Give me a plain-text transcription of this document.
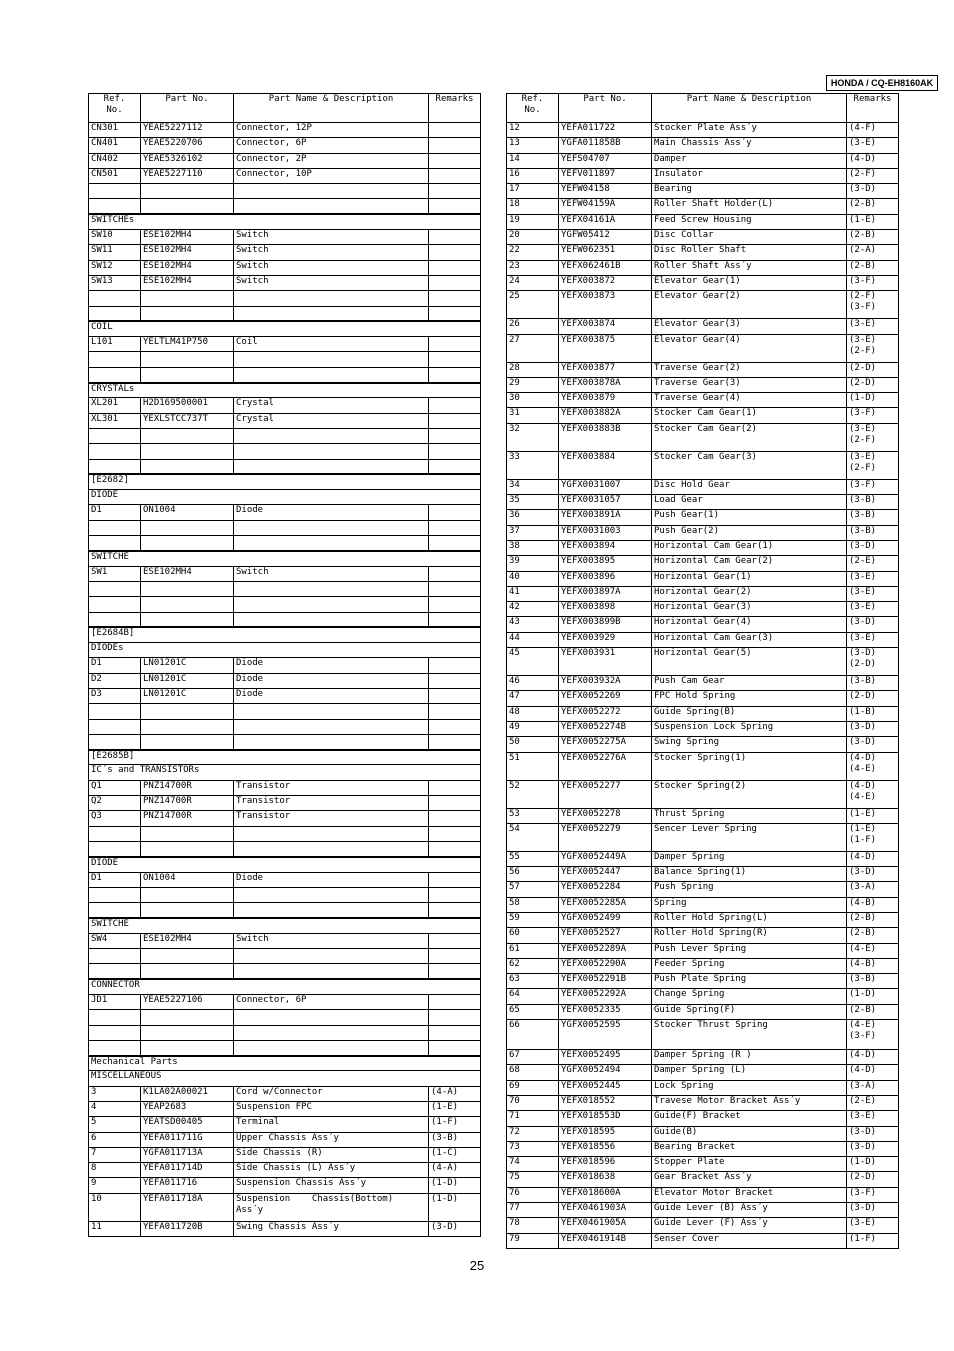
HONDA / CQ-EH8160AK
Ref.
No.	Part No.	Part Name & Description	Remarks
CN301	YEAE5227112	Connector, 12P	
CN401	YEAE5220706	Connector, 6P	
CN402	YEAE5326102	Connector, 2P	
CN501	YEAE5227110	Connector, 10P	

SWITCHEs			
SW10	ESE102MH4	Switch	
SW11	ESE102MH4	Switch	
SW12	ESE102MH4	Switch	
SW13	ESE102MH4	Switch	

COIL			
L101	YELTLM41P750	Coil	

CRYSTALs			
XL201	H2D169500001	Crystal	
XL301	YEXLSTCC737T	Crystal	

[E2682]			
DIODE			
D1	ON1004	Diode	

SWITCHE			
SW1	ESE102MH4	Switch	

[E2684B]			
DIODEs			
D1	LN01201C	Diode	
D2	LN01201C	Diode	
D3	LN01201C	Diode	

[E2685B]			
IC´s and TRANSISTORs			
Q1	PNZ14700R	Transistor	
Q2	PNZ14700R	Transistor	
Q3	PNZ14700R	Transistor	

DIODE			
D1	ON1004	Diode	

SWITCHE			
SW4	ESE102MH4	Switch	

CONNECTOR			
JD1	YEAE5227106	Connector, 6P	

Mechanical Parts			
MISCELLANEOUS			
3	K1LA02A00021	Cord w/Connector	(4-A)
4	YEAP2683	Suspension FPC	(1-E)
5	YEATSD00405	Terminal	(1-F)
6	YEFA011711G	Upper Chassis Ass´y	(3-B)
7	YGFA011713A	Side Chassis (R)	(1-C)
8	YEFA011714D	Side Chassis (L) Ass´y	(4-A)
9	YEFA011716	Suspension Chassis Ass´y	(1-D)
10	YEFA011718A	Suspension    Chassis(Bottom)
Ass´y	(1-D)
11	YEFA011720B	Swing Chassis Ass´y	(3-D)
Ref.
No.	Part No.	Part Name & Description	Remarks
12	YEFA011722	Stocker Plate Ass´y	(4-F)
13	YGFA011858B	Main Chassis Ass´y	(3-E)
14	YEFS04707	Damper	(4-D)
16	YEFV011897	Insulator	(2-F)
17	YEFW04158	Bearing	(3-D)
18	YEFW04159A	Roller Shaft Holder(L)	(2-B)
19	YEFX04161A	Feed Screw Housing	(1-E)
20	YGFW05412	Disc Collar	(2-B)
22	YEFW062351	Disc Roller Shaft	(2-A)
23	YEFX062461B	Roller Shaft Ass´y	(2-B)
24	YEFX003872	Elevator Gear(1)	(3-F)
25	YEFX003873	Elevator Gear(2)	(2-F)
(3-F)
26	YEFX003874	Elevator Gear(3)	(3-E)
27	YEFX003875	Elevator Gear(4)	(3-E)
(2-F)
28	YEFX003877	Traverse Gear(2)	(2-D)
29	YEFX003878A	Traverse Gear(3)	(2-D)
30	YEFX003879	Traverse Gear(4)	(1-D)
31	YEFX003882A	Stocker Cam Gear(1)	(3-F)
32	YEFX003883B	Stocker Cam Gear(2)	(3-E)
(2-F)
33	YEFX003884	Stocker Cam Gear(3)	(3-E)
(2-F)
34	YGFX0031007	Disc Hold Gear	(3-F)
35	YEFX0031057	Load Gear	(3-B)
36	YEFX003891A	Push Gear(1)	(3-B)
37	YEFX0031003	Push Gear(2)	(3-B)
38	YEFX003894	Horizontal Cam Gear(1)	(3-D)
39	YEFX003895	Horizontal Cam Gear(2)	(2-E)
40	YEFX003896	Horizontal Gear(1)	(3-E)
41	YEFX003897A	Horizontal Gear(2)	(3-E)
42	YEFX003898	Horizontal Gear(3)	(3-E)
43	YEFX003899B	Horizontal Gear(4)	(3-D)
44	YEFX003929	Horizontal Cam Gear(3)	(3-E)
45	YEFX003931	Horizontal Gear(5)	(3-D)
(2-D)
46	YEFX003932A	Push Cam Gear	(3-B)
47	YEFX0052269	FPC Hold Spring	(2-D)
48	YEFX0052272	Guide Spring(B)	(1-B)
49	YEFX0052274B	Suspension Lock Spring	(3-D)
50	YEFX0052275A	Swing Spring	(3-D)
51	YEFX0052276A	Stocker Spring(1)	(4-D)
(4-E)
52	YEFX0052277	Stocker Spring(2)	(4-D)
(4-E)
53	YEFX0052278	Thrust Spring	(1-E)
54	YEFX0052279	Sencer Lever Spring	(1-E)
(1-F)
55	YGFX0052449A	Damper Spring	(4-D)
56	YEFX0052447	Balance Spring(1)	(3-D)
57	YEFX0052284	Push Spring	(3-A)
58	YEFX0052285A	Spring	(4-B)
59	YGFX0052499	Roller Hold Spring(L)	(2-B)
60	YEFX0052527	Roller Hold Spring(R)	(2-B)
61	YEFX0052289A	Push Lever Spring	(4-E)
62	YEFX0052290A	Feeder Spring	(4-B)
63	YEFX0052291B	Push Plate Spring	(3-B)
64	YEFX0052292A	Change Spring	(1-D)
65	YEFX0052335	Guide Spring(F)	(2-B)
66	YGFX0052595	Stocker Thrust Spring	(4-E)
(3-F)
67	YEFX0052495	Damper Spring (R )	(4-D)
68	YGFX0052494	Damper Spring (L)	(4-D)
69	YEFX0052445	Lock Spring	(3-A)
70	YEFX018552	Travese Motor Bracket Ass´y	(2-E)
71	YEFX018553D	Guide(F) Bracket	(3-E)
72	YEFX018595	Guide(B)	(3-D)
73	YEFX018556	Bearing Bracket	(3-D)
74	YEFX018596	Stopper Plate	(1-D)
75	YEFX018638	Gear Bracket Ass´y	(2-D)
76	YEFX018600A	Elevator Motor Bracket	(3-F)
77	YEFX0461903A	Guide Lever (B) Ass´y	(3-D)
78	YEFX0461905A	Guide Lever (F) Ass´y	(3-E)
79	YEFX0461914B	Senser Cover	(1-F)
25
